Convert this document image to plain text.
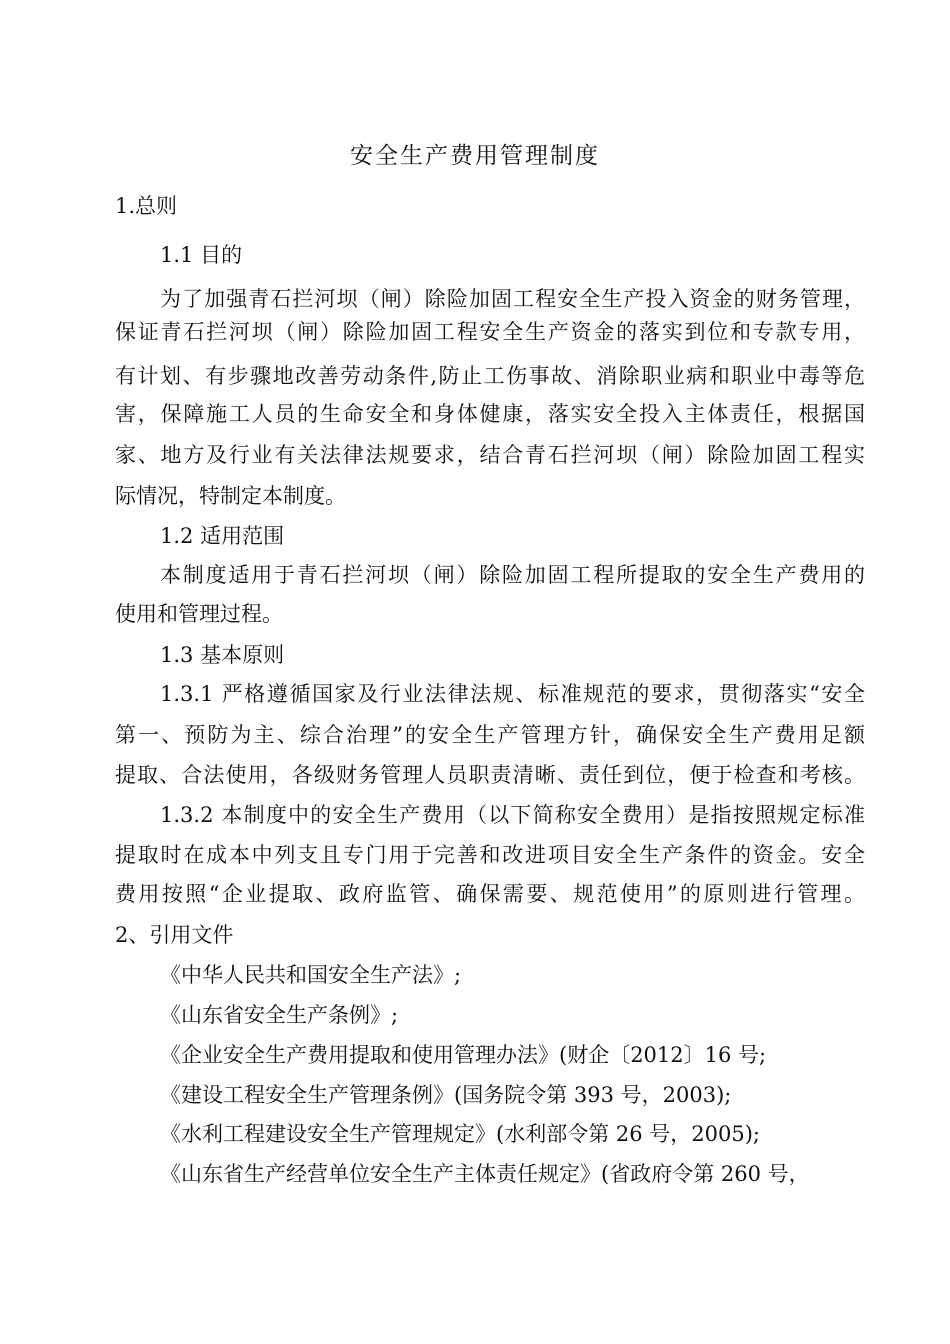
安全生产费用管理制度

1.总则

1.1 目的

为了加强青石拦河坝（闸）除险加固工程安全生产投入资金的财务管理，

保证青石拦河坝（闸）除险加固工程安全生产资金的落实到位和专款专用，

有计划、有步骤地改善劳动条件,防止工伤事故、消除职业病和职业中毒等危

害，保障施工人员的生命安全和身体健康，落实安全投入主体责任，根据国

家、地方及行业有关法律法规要求，结合青石拦河坝（闸）除险加固工程实

际情况，特制定本制度。

1.2 适用范围

本制度适用于青石拦河坝（闸）除险加固工程所提取的安全生产费用的

使用和管理过程。

1.3 基本原则

1.3.1 严格遵循国家及行业法律法规、标准规范的要求，贯彻落实“安全

第一、预防为主、综合治理”的安全生产管理方针，确保安全生产费用足额

提取、合法使用，各级财务管理人员职责清晰、责任到位，便于检查和考核。

1.3.2 本制度中的安全生产费用（以下简称安全费用）是指按照规定标准

提取时在成本中列支且专门用于完善和改进项目安全生产条件的资金。安全

费用按照“企业提取、政府监管、确保需要、规范使用”的原则进行管理。

2、引用文件

《中华人民共和国安全生产法》;

《山东省安全生产条例》;

《企业安全生产费用提取和使用管理办法》(财企〔2012〕16 号;

《建设工程安全生产管理条例》(国务院令第 393 号，2003);

《水利工程建设安全生产管理规定》(水利部令第 26 号，2005);

《山东省生产经营单位安全生产主体责任规定》(省政府令第 260 号，
